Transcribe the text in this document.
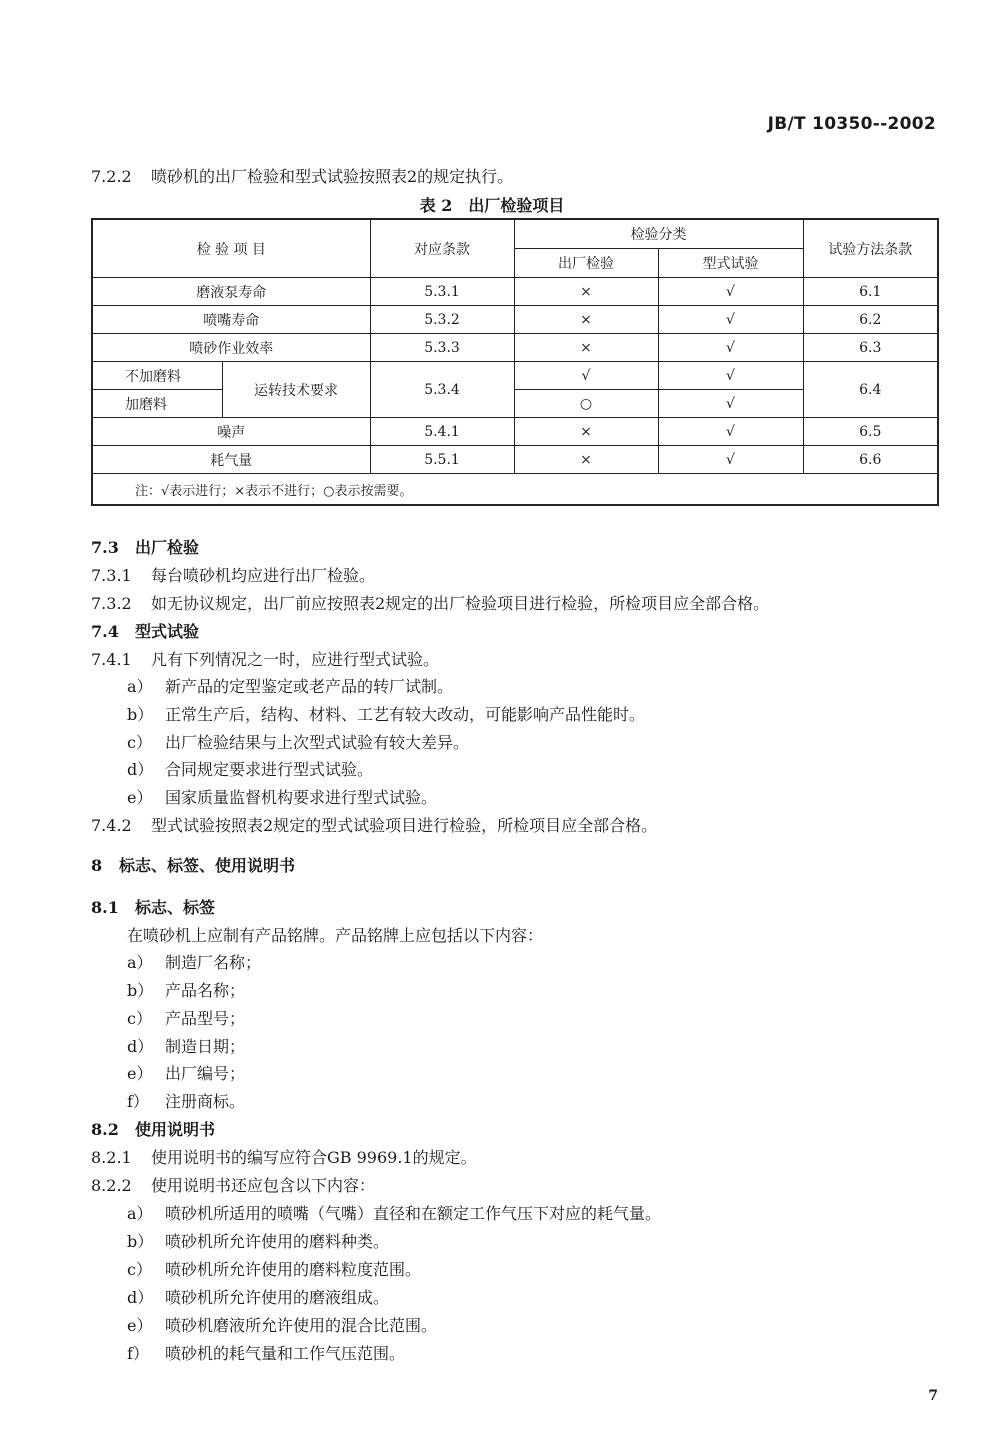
JB/T 10350--2002
7.2.2 喷砂机的出厂检验和型式试验按照表2的规定执行。
表 2　出厂检验项目
检 验 项 目		对应条款	检验分类		试验方法条款
			出厂检验	型式试验	
磨液泵寿命		5.3.1	×	√	6.1
喷嘴寿命		5.3.2	×	√	6.2
喷砂作业效率		5.3.3	×	√	6.3
不加磨料	运转技术要求	5.3.4	√	√	6.4
加磨料			○	√	
噪声		5.4.1	×	√	6.5
耗气量		5.5.1	×	√	6.6
注：√表示进行；×表示不进行；○表示按需要。					
7.3 出厂检验
7.3.1 每台喷砂机均应进行出厂检验。
7.3.2 如无协议规定，出厂前应按照表2规定的出厂检验项目进行检验，所检项目应全部合格。
7.4 型式试验
7.4.1 凡有下列情况之一时，应进行型式试验。
a） 新产品的定型鉴定或老产品的转厂试制。
b） 正常生产后，结构、材料、工艺有较大改动，可能影响产品性能时。
c） 出厂检验结果与上次型式试验有较大差异。
d） 合同规定要求进行型式试验。
e） 国家质量监督机构要求进行型式试验。
7.4.2 型式试验按照表2规定的型式试验项目进行检验，所检项目应全部合格。
8 标志、标签、使用说明书
8.1 标志、标签
在喷砂机上应制有产品铭牌。产品铭牌上应包括以下内容：
a） 制造厂名称；
b） 产品名称；
c） 产品型号；
d） 制造日期；
e） 出厂编号；
f） 注册商标。
8.2 使用说明书
8.2.1 使用说明书的编写应符合GB 9969.1的规定。
8.2.2 使用说明书还应包含以下内容：
a） 喷砂机所适用的喷嘴（气嘴）直径和在额定工作气压下对应的耗气量。
b） 喷砂机所允许使用的磨料种类。
c） 喷砂机所允许使用的磨料粒度范围。
d） 喷砂机所允许使用的磨液组成。
e） 喷砂机磨液所允许使用的混合比范围。
f） 喷砂机的耗气量和工作气压范围。
7
